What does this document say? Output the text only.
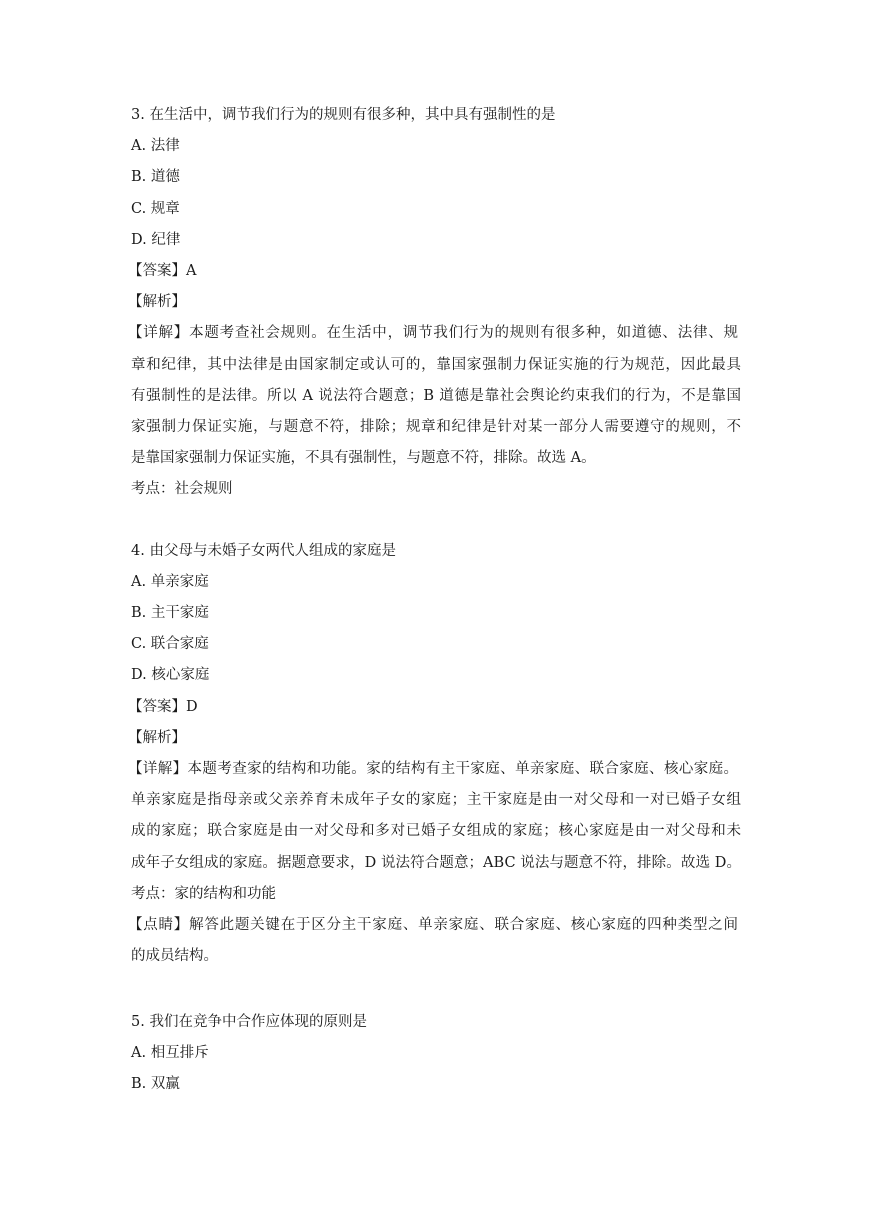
3. 在生活中，调节我们行为的规则有很多种，其中具有强制性的是
A. 法律
B. 道德
C. 规章
D. 纪律
【答案】A
【解析】
【详解】本题考查社会规则。在生活中，调节我们行为的规则有很多种，如道德、法律、规
章和纪律，其中法律是由国家制定或认可的，靠国家强制力保证实施的行为规范，因此最具
有强制性的是法律。所以 A 说法符合题意；B 道德是靠社会舆论约束我们的行为，不是靠国
家强制力保证实施，与题意不符，排除；规章和纪律是针对某一部分人需要遵守的规则，不
是靠国家强制力保证实施，不具有强制性，与题意不符，排除。故选 A。
考点：社会规则
4. 由父母与未婚子女两代人组成的家庭是
A. 单亲家庭
B. 主干家庭
C. 联合家庭
D. 核心家庭
【答案】D
【解析】
【详解】本题考查家的结构和功能。家的结构有主干家庭、单亲家庭、联合家庭、核心家庭。
单亲家庭是指母亲或父亲养育未成年子女的家庭；主干家庭是由一对父母和一对已婚子女组
成的家庭；联合家庭是由一对父母和多对已婚子女组成的家庭；核心家庭是由一对父母和未
成年子女组成的家庭。据题意要求，D 说法符合题意；ABC 说法与题意不符，排除。故选 D。
考点：家的结构和功能
【点睛】解答此题关键在于区分主干家庭、单亲家庭、联合家庭、核心家庭的四种类型之间
的成员结构。
5. 我们在竞争中合作应体现的原则是
A. 相互排斥
B. 双赢
